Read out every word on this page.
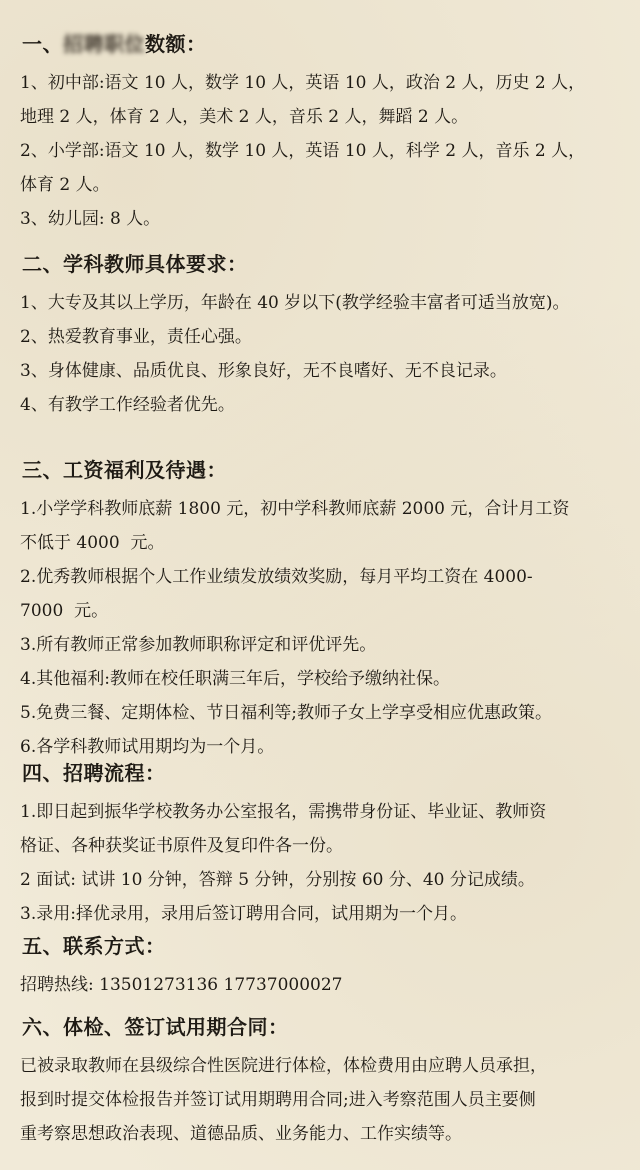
一、招聘职位数额：

1、初中部:语文 10 人，数学 10 人，英语 10 人，政治 2 人，历史 2 人，

地理 2 人，体育 2 人，美术 2 人，音乐 2 人，舞蹈 2 人。

2、小学部:语文 10 人，数学 10 人，英语 10 人，科学 2 人，音乐 2 人，

体育 2 人。

3、幼儿园: 8 人。

二、学科教师具体要求：

1、大专及其以上学历，年龄在 40 岁以下(教学经验丰富者可适当放宽)。

2、热爱教育事业，责任心强。

3、身体健康、品质优良、形象良好，无不良嗜好、无不良记录。

4、有教学工作经验者优先。

三、工资福利及待遇：

1.小学学科教师底薪 1800 元，初中学科教师底薪 2000 元，合计月工资

不低于 4000  元。

2.优秀教师根据个人工作业绩发放绩效奖励，每月平均工资在 4000-

7000  元。

3.所有教师正常参加教师职称评定和评优评先。

4.其他福利:教师在校任职满三年后，学校给予缴纳社保。

5.免费三餐、定期体检、节日福利等;教师子女上学享受相应优惠政策。

6.各学科教师试用期均为一个月。

四、招聘流程：

1.即日起到振华学校教务办公室报名，需携带身份证、毕业证、教师资

格证、各种获奖证书原件及复印件各一份。

2 面试: 试讲 10 分钟，答辩 5 分钟，分别按 60 分、40 分记成绩。

3.录用:择优录用，录用后签订聘用合同，试用期为一个月。

五、联系方式：

招聘热线: 13501273136 17737000027

六、体检、签订试用期合同：

已被录取教师在县级综合性医院进行体检，体检费用由应聘人员承担，

报到时提交体检报告并签订试用期聘用合同;进入考察范围人员主要侧

重考察思想政治表现、道德品质、业务能力、工作实绩等。
